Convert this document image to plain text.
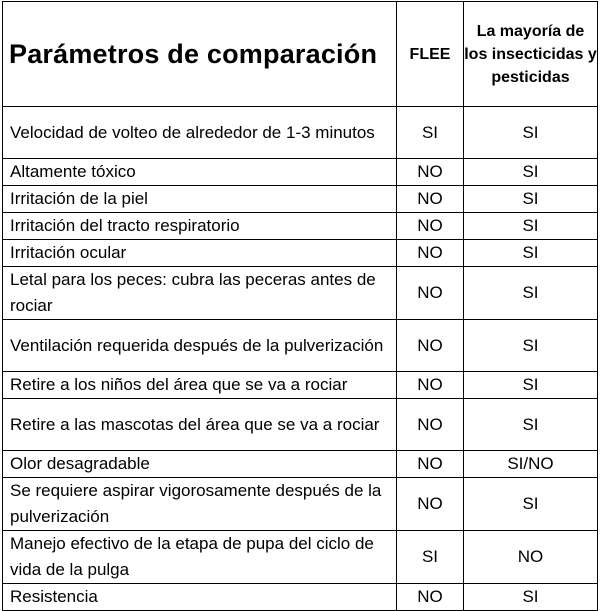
Parámetros de comparación	FLEE	La mayoría de los insecticidas y pesticidas
Velocidad de volteo de alrededor de 1-3 minutos	SI	SI
Altamente tóxico	NO	SI
Irritación de la piel	NO	SI
Irritación del tracto respiratorio	NO	SI
Irritación ocular	NO	SI
Letal para los peces: cubra las peceras antes de rociar	NO	SI
Ventilación requerida después de la pulverización	NO	SI
Retire a los niños del área que se va a rociar	NO	SI
Retire a las mascotas del área que se va a rociar	NO	SI
Olor desagradable	NO	SI/NO
Se requiere aspirar vigorosamente después de la pulverización	NO	SI
Manejo efectivo de la etapa de pupa del ciclo de vida de la pulga	SI	NO
Resistencia	NO	SI
